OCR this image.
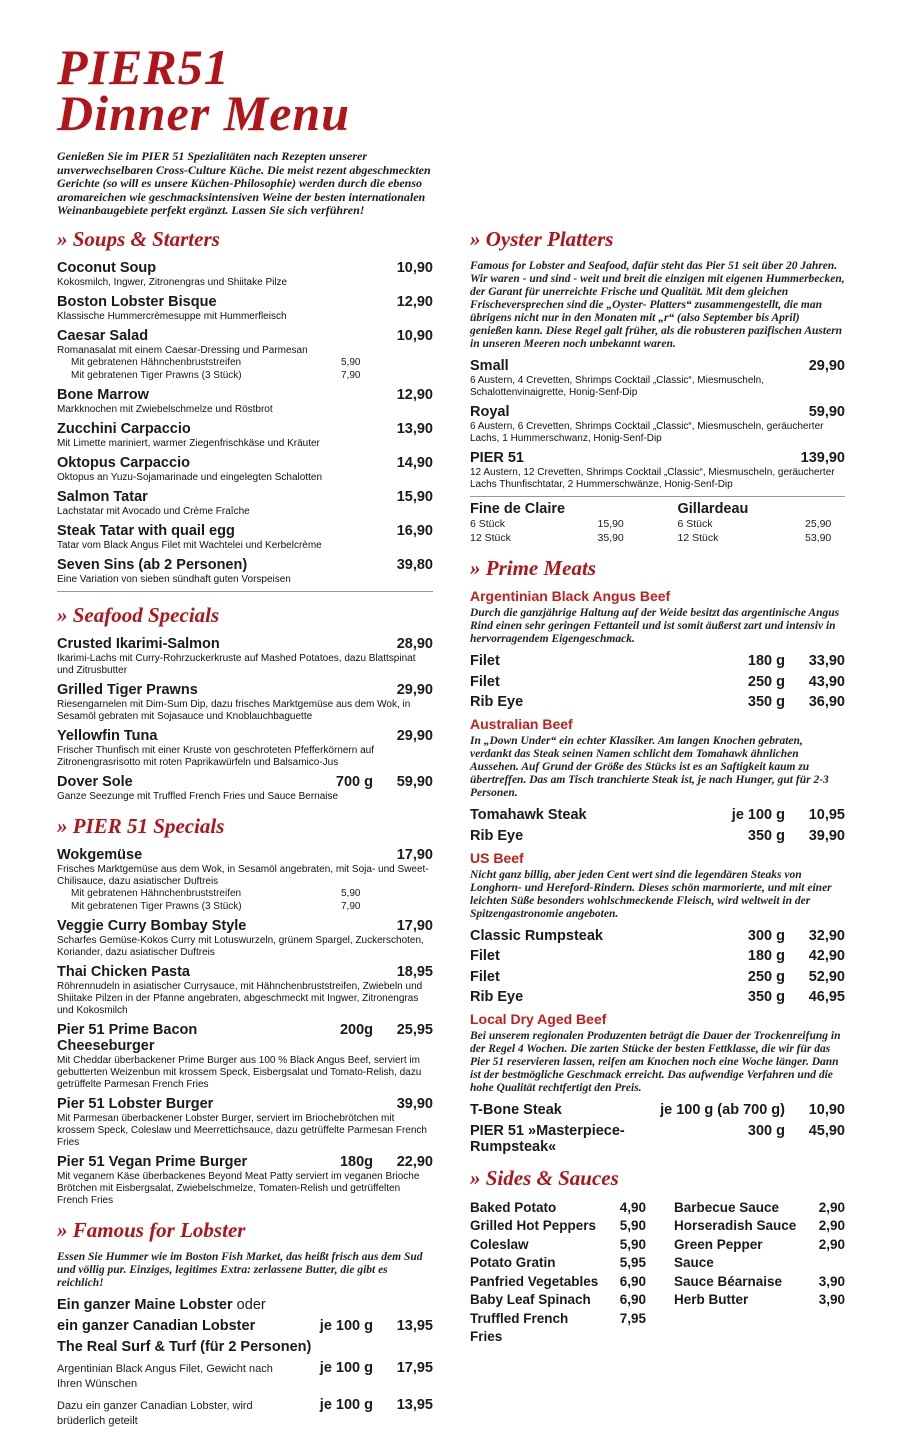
PIER51
Dinner Menu

Genießen Sie im PIER 51 Spezialitäten nach Rezepten unserer unverwechselbaren Cross-Culture Küche. Die meist rezent abgeschmeckten Gerichte (so will es unsere Küchen-Philosophie) werden durch die ebenso aromareichen wie geschmacksintensiven Weine der besten internationalen Weinanbaugebiete perfekt ergänzt. Lassen Sie sich verführen!

» Soups & Starters
Coconut Soup	10,90
Kokosmilch, Ingwer, Zitronengras und Shiitake Pilze
Boston Lobster Bisque	12,90
Klassische Hummercrèmesuppe mit Hummerfleisch
Caesar Salad	10,90
Romanasalat mit einem Caesar-Dressing und Parmesan
Mit gebratenen Hähnchenbruststreifen	5,90
Mit gebratenen Tiger Prawns (3 Stück)	7,90
Bone Marrow	12,90
Markknochen mit Zwiebelschmelze und Röstbrot
Zucchini Carpaccio	13,90
Mit Limette mariniert, warmer Ziegenfrischkäse und Kräuter
Oktopus Carpaccio	14,90
Oktopus an Yuzu-Sojamarinade und eingelegten Schalotten
Salmon Tatar	15,90
Lachstatar mit Avocado und Crème Fraîche
Steak Tatar with quail egg	16,90
Tatar vom Black Angus Filet mit Wachtelei und Kerbelcrème
Seven Sins (ab 2 Personen)	39,80
Eine Variation von sieben sündhaft guten Vorspeisen
» Seafood Specials
Crusted Ikarimi-Salmon	28,90
Ikarimi-Lachs mit Curry-Rohrzuckerkruste auf Mashed Potatoes, dazu Blattspinat und Zitrusbutter
Grilled Tiger Prawns	29,90
Riesengarnelen mit Dim-Sum Dip, dazu frisches Marktgemüse aus dem Wok, in Sesamöl gebraten mit Sojasauce und Knoblauchbaguette
Yellowfin Tuna	29,90
Frischer Thunfisch mit einer Kruste von geschroteten Pfefferkörnern auf Zitronengrasrisotto mit roten Paprikawürfeln und Balsamico-Jus
Dover Sole	700 g	59,90
Ganze Seezunge mit Truffled French Fries und Sauce Bernaise
» PIER 51 Specials
Wokgemüse	17,90
Frisches Marktgemüse aus dem Wok, in Sesamöl angebraten, mit Soja- und Sweet-Chilisauce, dazu asiatischer Duftreis
Mit gebratenen Hähnchenbruststreifen	5,90
Mit gebratenen Tiger Prawns (3 Stück)	7,90
Veggie Curry Bombay Style	17,90
Scharfes Gemüse-Kokos Curry mit Lotuswurzeln, grünem Spargel, Zuckerschoten, Koriander, dazu asiatischer Duftreis
Thai Chicken Pasta	18,95
Röhrennudeln in asiatischer Currysauce, mit Hähnchenbruststreifen, Zwiebeln und Shiitake Pilzen in der Pfanne angebraten, abgeschmeckt mit Ingwer, Zitronengras und Kokosmilch
Pier 51 Prime Bacon Cheeseburger
200g	25,95
Mit Cheddar überbackener Prime Burger aus 100 % Black Angus Beef, serviert im gebutterten Weizenbun mit krossem Speck, Eisbergsalat und Tomato-Relish, dazu getrüffelte Parmesan French Fries
Pier 51 Lobster Burger	39,90
Mit Parmesan überbackener Lobster Burger, serviert im Briochebrötchen mit krossem Speck, Coleslaw und Meerrettichsauce, dazu getrüffelte Parmesan French Fries
Pier 51 Vegan Prime Burger	180g	22,90
Mit veganem Käse überbackenes Beyond Meat Patty serviert im veganen Brioche Brötchen mit Eisbergsalat, Zwiebelschmelze, Tomaten-Relish und getrüffelten French Fries
» Famous for Lobster

Essen Sie Hummer wie im Boston Fish Market, das heißt frisch aus dem Sud und völlig pur. Einziges, legitimes Extra: zerlassene Butter, die gibt es reichlich!

Ein ganzer Maine Lobster oder
ein ganzer Canadian Lobster	je 100 g	13,95
The Real Surf & Turf (für 2 Personen)
Argentinian Black Angus Filet, Gewicht nach Ihren Wünschen
je 100 g	17,95
Dazu ein ganzer Canadian Lobster, wird brüderlich geteilt
je 100 g	13,95
» Oyster Platters

Famous for Lobster and Seafood, dafür steht das Pier 51 seit über 20 Jahren. Wir waren - und sind - weit und breit die einzigen mit eigenen Hummerbecken, der Garant für unerreichte Frische und Qualität. Mit dem gleichen Frischeversprechen sind die „Oyster- Platters“ zusammengestellt, die man übrigens nicht nur in den Monaten mit „r“ (also September bis April) genießen kann. Diese Regel galt früher, als die robusteren pazifischen Austern in unseren Meeren noch unbekannt waren.

Small	29,90
6 Austern, 4 Crevetten, Shrimps Cocktail „Classic“, Miesmuscheln, Schalottenvinaigrette, Honig-Senf-Dip
Royal	59,90
6 Austern, 6 Crevetten, Shrimps Cocktail „Classic“, Miesmuscheln, geräucherter Lachs, 1 Hummerschwanz, Honig-Senf-Dip
PIER 51	139,90
12 Austern, 12 Crevetten, Shrimps Cocktail „Classic“, Miesmuscheln, geräucherter Lachs Thunfischtatar, 2 Hummerschwänze, Honig-Senf-Dip
Fine de Claire
6 Stück	15,90
12 Stück	35,90
Gillardeau
6 Stück	25,90
12 Stück	53,90
» Prime Meats
Argentinian Black Angus Beef

Durch die ganzjährige Haltung auf der Weide besitzt das argentinische Angus Rind einen sehr geringen Fettanteil und ist somit äußerst zart und intensiv in hervorragendem Eigengeschmack.

Filet	180 g	33,90
Filet	250 g	43,90
Rib Eye	350 g	36,90
Australian Beef

In „Down Under“ ein echter Klassiker. Am langen Knochen gebraten, verdankt das Steak seinen Namen schlicht dem Tomahawk ähnlichen Aussehen. Auf Grund der Größe des Stücks ist es an Saftigkeit kaum zu übertreffen. Das am Tisch tranchierte Steak ist, je nach Hunger, gut für 2-3 Personen.

Tomahawk Steak	je 100 g	10,95
Rib Eye	350 g	39,90
US Beef

Nicht ganz billig, aber jeden Cent wert sind die legendären Steaks von Longhorn- und Hereford-Rindern. Dieses schön marmorierte, und mit einer leichten Süße besonders wohlschmeckende Fleisch, wird weltweit in der Spitzengastronomie angeboten.

Classic Rumpsteak	300 g	32,90
Filet	180 g	42,90
Filet	250 g	52,90
Rib Eye	350 g	46,95
Local Dry Aged Beef

Bei unserem regionalen Produzenten beträgt die Dauer der Trockenreifung in der Regel 4 Wochen. Die zarten Stücke der besten Fettklasse, die wir für das Pier 51 reservieren lassen, reifen am Knochen noch eine Woche länger. Dann ist der bestmögliche Geschmack erreicht. Das aufwendige Verfahren und die hohe Qualität rechtfertigt den Preis.

T-Bone Steak	je 100 g (ab 700 g)	10,90
PIER 51 »Masterpiece-Rumpsteak«
300 g	45,90
» Sides & Sauces
Baked Potato	4,90
Grilled Hot Peppers	5,90
Coleslaw	5,90
Potato Gratin	5,95
Panfried Vegetables	6,90
Baby Leaf Spinach	6,90
Truffled French Fries
7,95
Barbecue Sauce	2,90
Horseradish Sauce	2,90
Green Pepper Sauce
2,90
Sauce Béarnaise	3,90
Herb Butter	3,90
